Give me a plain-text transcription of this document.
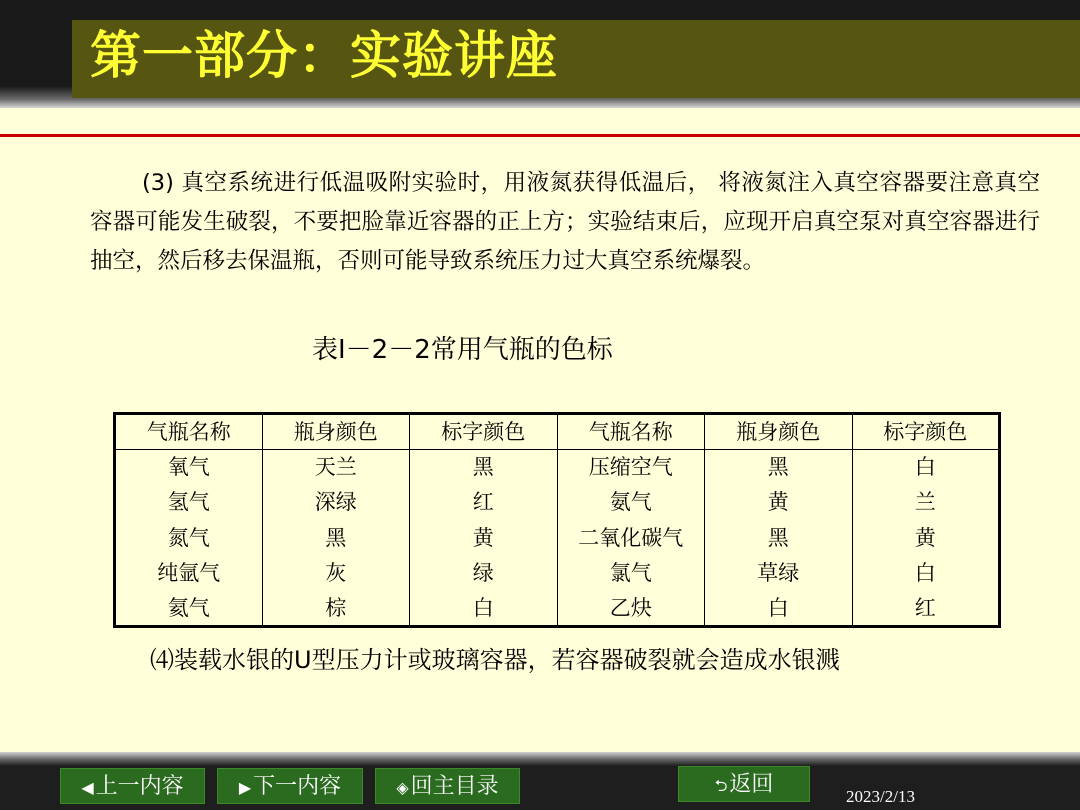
第一部分：实验讲座

(3) 真空系统进行低温吸附实验时，用液氮获得低温后， 将液氮注入真空容器要注意真空容器可能发生破裂，不要把脸靠近容器的正上方；实验结束后，应现开启真空泵对真空容器进行抽空，然后移去保温瓶，否则可能导致系统压力过大真空系统爆裂。

表Ⅰ－2－2常用气瓶的色标
气瓶名称	瓶身颜色	标字颜色	气瓶名称	瓶身颜色	标字颜色
氧气	天兰	黑	压缩空气	黑	白
氢气	深绿	红	氨气	黄	兰
氮气	黑	黄	二氧化碳气	黑	黄
纯氩气	灰	绿	氯气	草绿	白
氦气	棕	白	乙炔	白	红
⑷装载水银的U型压力计或玻璃容器，若容器破裂就会造成水银溅
◀上一内容	▶下一内容	◈回主目录	⮌返回	2023/2/13
